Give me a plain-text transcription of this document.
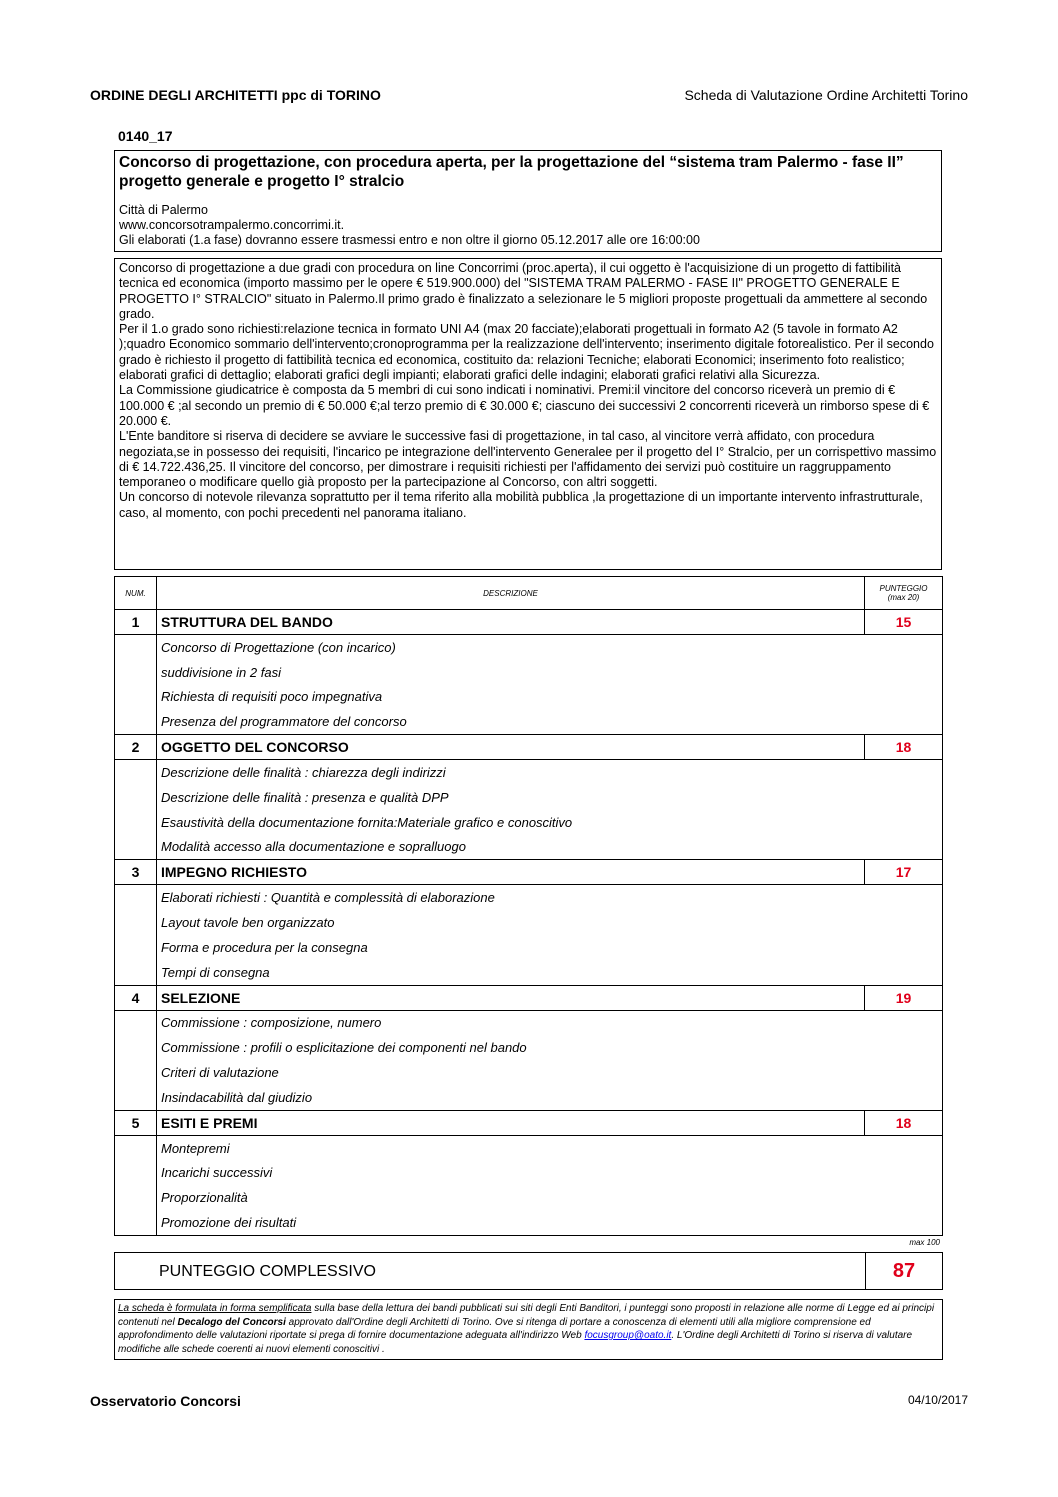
ORDINE DEGLI ARCHITETTI ppc di TORINO	Scheda di Valutazione Ordine Architetti Torino
0140_17

Concorso di progettazione, con procedura aperta, per la progettazione del “sistema tram Palermo - fase II” progetto generale e progetto I° stralcio

Città di Palermo
www.concorsotrampalermo.concorrimi.it.
Gli elaborati (1.a fase) dovranno essere trasmessi entro e non oltre il giorno 05.12.2017 alle ore 16:00:00

Concorso di progettazione a due gradi con procedura on line Concorrimi (proc.aperta), il cui oggetto è l'acquisizione di un progetto di fattibilità tecnica ed economica (importo massimo per le opere € 519.900.000) del "SISTEMA TRAM PALERMO - FASE II" PROGETTO GENERALE E PROGETTO I° STRALCIO" situato in Palermo.Il primo grado è finalizzato a selezionare le 5 migliori proposte progettuali da ammettere al secondo grado.

Per il 1.o grado sono richiesti:relazione tecnica in formato UNI A4 (max 20 facciate);elaborati progettuali in formato A2 (5 tavole in formato A2 );quadro Economico sommario dell'intervento;cronoprogramma per la realizzazione dell'intervento; inserimento digitale fotorealistico. Per il secondo grado è richiesto il progetto di fattibilità tecnica ed economica, costituito da: relazioni Tecniche; elaborati Economici; inserimento foto realistico; elaborati grafici di dettaglio; elaborati grafici degli impianti; elaborati grafici delle indagini; elaborati grafici relativi alla Sicurezza.

La Commissione giudicatrice è composta da 5 membri di cui sono indicati i nominativi. Premi:il vincitore del concorso riceverà un premio di € 100.000 € ;al secondo un premio di € 50.000 €;al terzo premio di € 30.000 €; ciascuno dei successivi 2 concorrenti riceverà un rimborso spese di € 20.000 €.

L'Ente banditore si riserva di decidere se avviare le successive fasi di progettazione, in tal caso, al vincitore verrà affidato, con procedura negoziata,se in possesso dei requisiti, l'incarico pe integrazione dell'intervento Generalee per il progetto del I° Stralcio, per un corrispettivo massimo di € 14.722.436,25. Il vincitore del concorso, per dimostrare i requisiti richiesti per l'affidamento dei servizi può costituire un raggruppamento temporaneo o modificare quello già proposto per la partecipazione al Concorso, con altri soggetti.

Un concorso di notevole rilevanza soprattutto per il tema riferito alla mobilità pubblica ,la progettazione di un importante intervento infrastrutturale, caso, al momento, con pochi precedenti nel panorama italiano.

NUM.	DESCRIZIONE	PUNTEGGIO
(max 20)
1	STRUTTURA DEL BANDO	15
	Concorso di Progettazione (con incarico)	
	suddivisione in 2 fasi	
	Richiesta di requisiti poco impegnativa	
	Presenza del programmatore del concorso	
2	OGGETTO DEL CONCORSO	18
	Descrizione delle finalità : chiarezza degli indirizzi	
	Descrizione delle finalità : presenza e qualità DPP	
	Esaustività della documentazione fornita:Materiale grafico e conoscitivo	
	Modalità accesso alla documentazione e sopralluogo	
3	IMPEGNO RICHIESTO	17
	Elaborati richiesti : Quantità e complessità di elaborazione	
	Layout tavole ben organizzato	
	Forma e procedura per la consegna	
	Tempi di consegna	
4	SELEZIONE	19
	Commissione : composizione, numero	
	Commissione : profili o esplicitazione dei componenti nel bando	
	Criteri di valutazione	
	Insindacabilità dal giudizio	
5	ESITI E PREMI	18
	Montepremi	
	Incarichi successivi	
	Proporzionalità	
	Promozione dei risultati	
max 100
PUNTEGGIO COMPLESSIVO	87
La scheda è formulata in forma semplificata sulla base della lettura dei bandi pubblicati sui siti degli Enti Banditori, i punteggi sono proposti in relazione alle norme di Legge ed ai principi contenuti nel Decalogo del Concorsi approvato dall'Ordine degli Architetti di Torino. Ove si ritenga di portare a conoscenza di elementi utili alla migliore comprensione ed approfondimento delle valutazioni riportate si prega di fornire documentazione adeguata all'indirizzo Web focusgroup@oato.it. L'Ordine degli Architetti di Torino si riserva di valutare modifiche alle schede coerenti ai nuovi elementi conoscitivi .
Osservatorio Concorsi	04/10/2017
